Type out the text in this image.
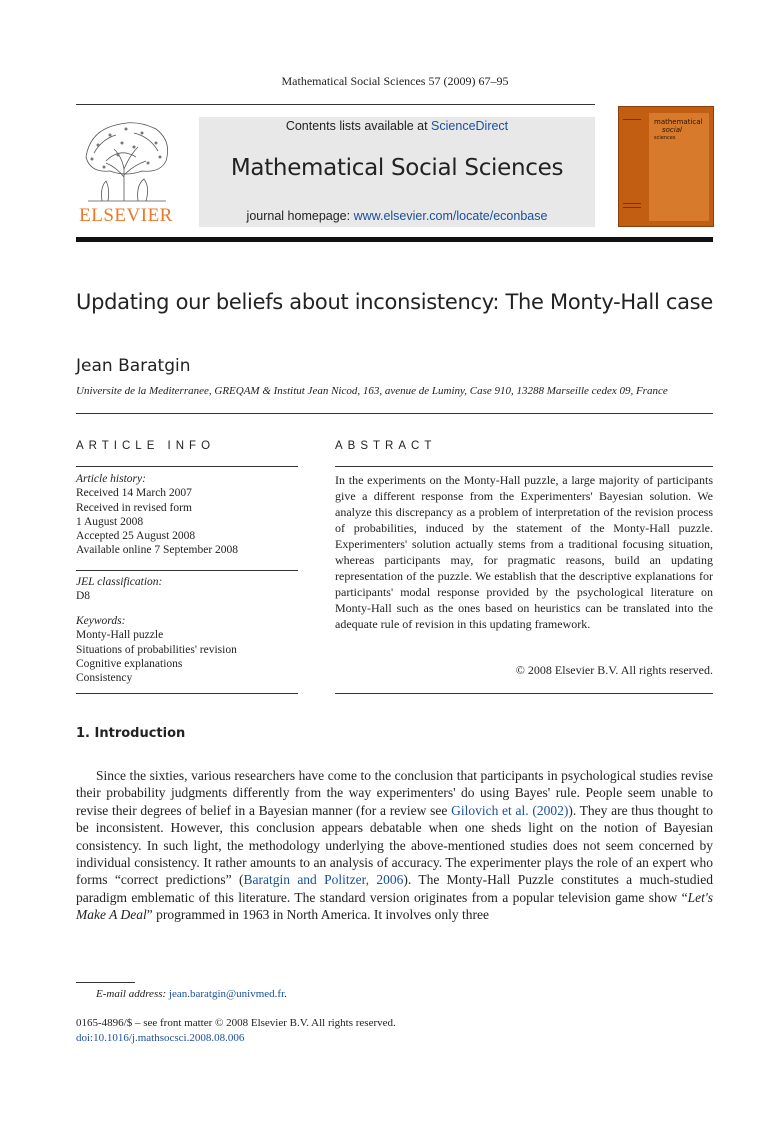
Mathematical Social Sciences 57 (2009) 67–95
ELSEVIER
Contents lists available at ScienceDirect
Mathematical Social Sciences
journal homepage: www.elsevier.com/locate/econbase
mathematical
social
sciences
Updating our beliefs about inconsistency: The Monty-Hall case
Jean Baratgin
Universite de la Mediterranee, GREQAM & Institut Jean Nicod, 163, avenue de Luminy, Case 910, 13288 Marseille cedex 09, France
ARTICLE INFO
Article history:
Received 14 March 2007
Received in revised form
1 August 2008
Accepted 25 August 2008
Available online 7 September 2008
JEL classification:
D8
Keywords:
Monty-Hall puzzle
Situations of probabilities' revision
Cognitive explanations
Consistency
ABSTRACT
In the experiments on the Monty-Hall puzzle, a large majority of participants give a different response from the Experimenters' Bayesian solution. We analyze this discrepancy as a problem of interpretation of the revision process of probabilities, induced by the statement of the Monty-Hall puzzle. Experimenters' solution actually stems from a traditional focusing situation, whereas participants may, for pragmatic reasons, build an updating representation of the puzzle. We establish that the descriptive explanations for participants' modal response provided by the psychological literature on Monty-Hall such as the ones based on heuristics can be translated into the adequate rule of revision in this updating framework.
© 2008 Elsevier B.V. All rights reserved.
1. Introduction
Since the sixties, various researchers have come to the conclusion that participants in psychological studies revise their probability judgments differently from the way experimenters' do using Bayes' rule. People seem unable to revise their degrees of belief in a Bayesian manner (for a review see Gilovich et al. (2002)). They are thus thought to be inconsistent. However, this conclusion appears debatable when one sheds light on the notion of Bayesian consistency. In such light, the methodology underlying the above-mentioned studies does not seem concerned by individual consistency. It rather amounts to an analysis of accuracy. The experimenter plays the role of an expert who forms “correct predictions” (Baratgin and Politzer, 2006). The Monty-Hall Puzzle constitutes a much-studied paradigm emblematic of this literature. The standard version originates from a popular television game show “Let's Make A Deal” programmed in 1963 in North America. It involves only three
E-mail address: jean.baratgin@univmed.fr.
0165-4896/$ – see front matter © 2008 Elsevier B.V. All rights reserved.
doi:10.1016/j.mathsocsci.2008.08.006
